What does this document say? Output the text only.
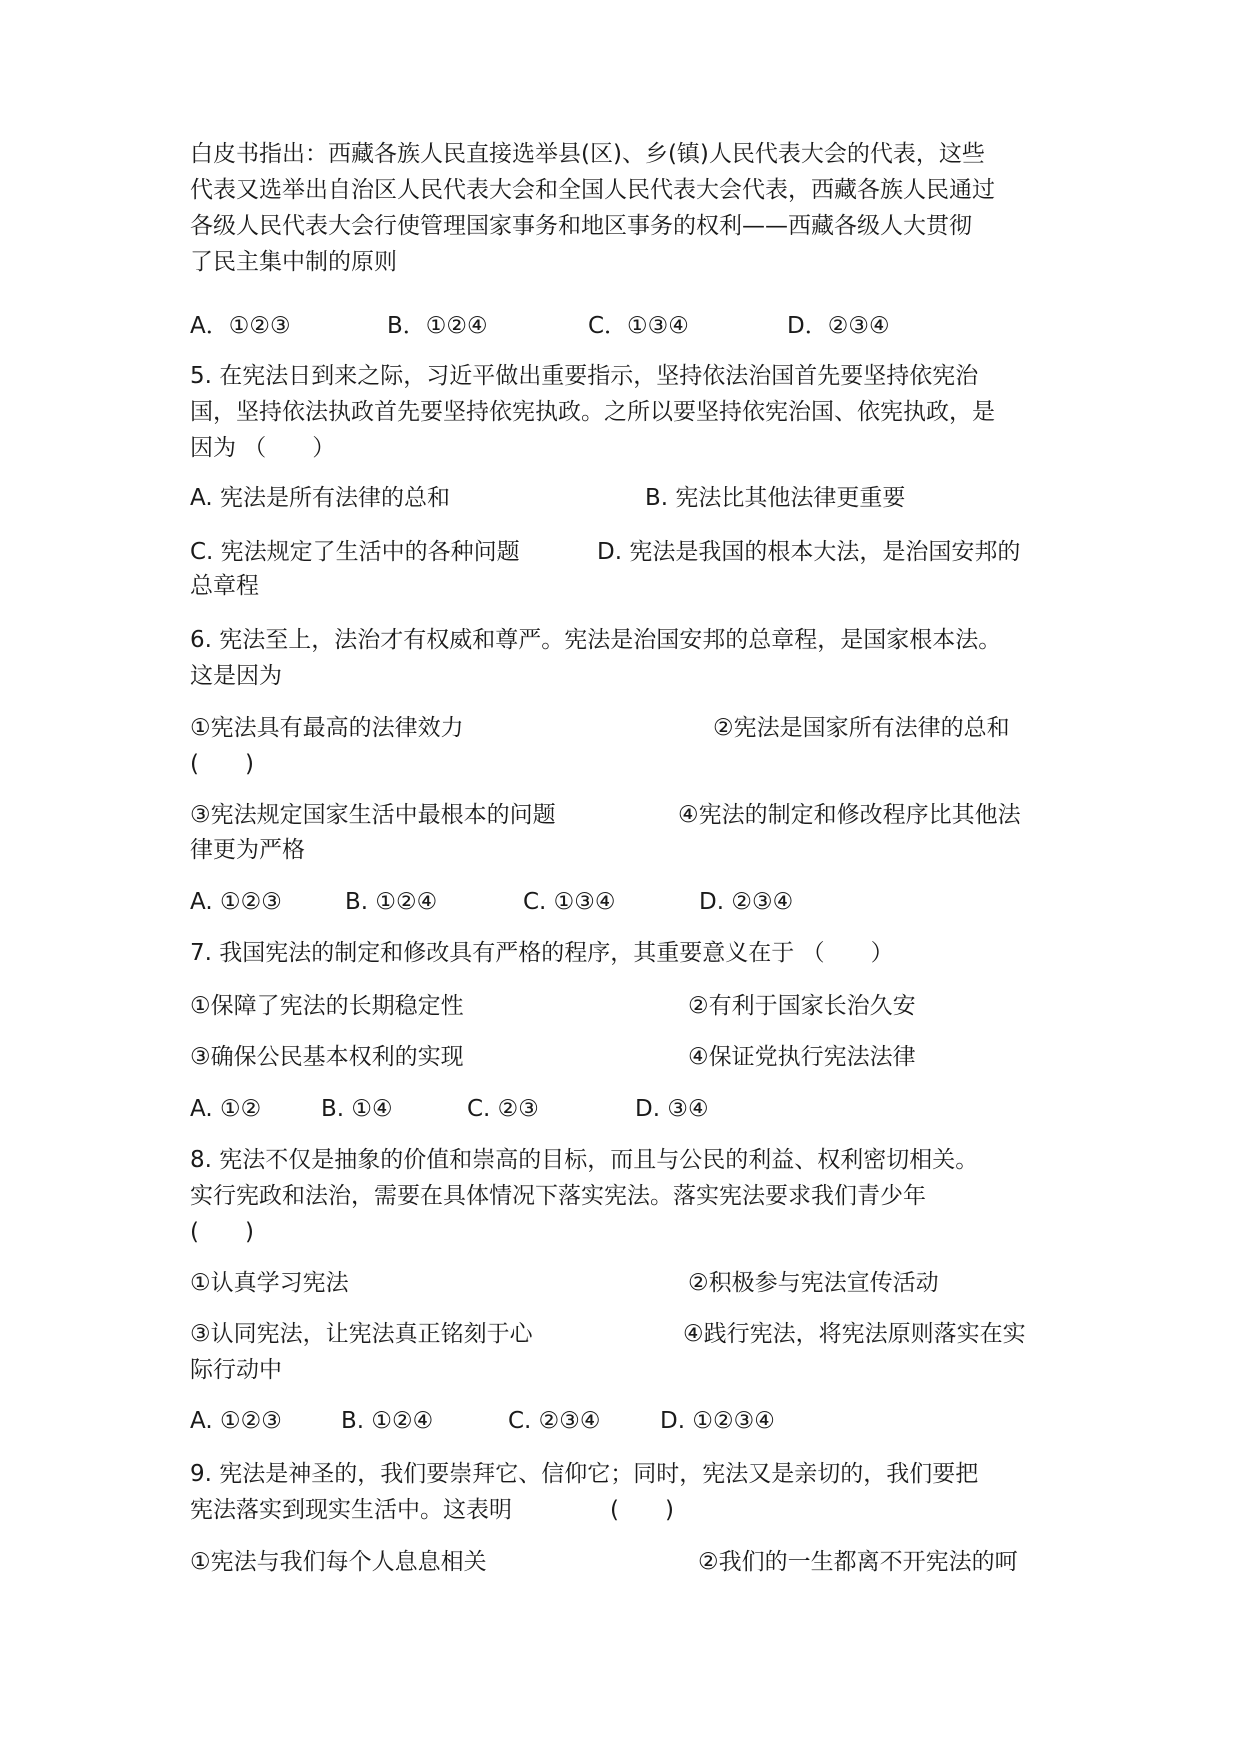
白皮书指出：西藏各族人民直接选举县(区)、乡(镇)人民代表大会的代表，这些
代表又选举出自治区人民代表大会和全国人民代表大会代表，西藏各族人民通过
各级人民代表大会行使管理国家事务和地区事务的权利——西藏各级人大贯彻
了民主集中制的原则
A．①②③	B．①②④	C．①③④	D．②③④
5. 在宪法日到来之际，习近平做出重要指示，坚持依法治国首先要坚持依宪治
国，坚持依法执政首先要坚持依宪执政。之所以要坚持依宪治国、依宪执政，是
因为 （　　）
A. 宪法是所有法律的总和	B. 宪法比其他法律更重要
C. 宪法规定了生活中的各种问题	D. 宪法是我国的根本大法，是治国安邦的
总章程
6. 宪法至上，法治才有权威和尊严。宪法是治国安邦的总章程，是国家根本法。
这是因为
①宪法具有最高的法律效力	②宪法是国家所有法律的总和
(　　)
③宪法规定国家生活中最根本的问题	④宪法的制定和修改程序比其他法
律更为严格
A. ①②③	B. ①②④	C. ①③④	D. ②③④
7. 我国宪法的制定和修改具有严格的程序，其重要意义在于 （　　）
①保障了宪法的长期稳定性	②有利于国家长治久安
③确保公民基本权利的实现	④保证党执行宪法法律
A. ①②	B. ①④	C. ②③	D. ③④
8. 宪法不仅是抽象的价值和崇高的目标，而且与公民的利益、权利密切相关。
实行宪政和法治，需要在具体情况下落实宪法。落实宪法要求我们青少年
(　　)
①认真学习宪法	②积极参与宪法宣传活动
③认同宪法，让宪法真正铭刻于心	④践行宪法，将宪法原则落实在实
际行动中
A. ①②③	B. ①②④	C. ②③④	D. ①②③④
9. 宪法是神圣的，我们要崇拜它、信仰它；同时，宪法又是亲切的，我们要把
宪法落实到现实生活中。这表明	(　　)
①宪法与我们每个人息息相关	②我们的一生都离不开宪法的呵
